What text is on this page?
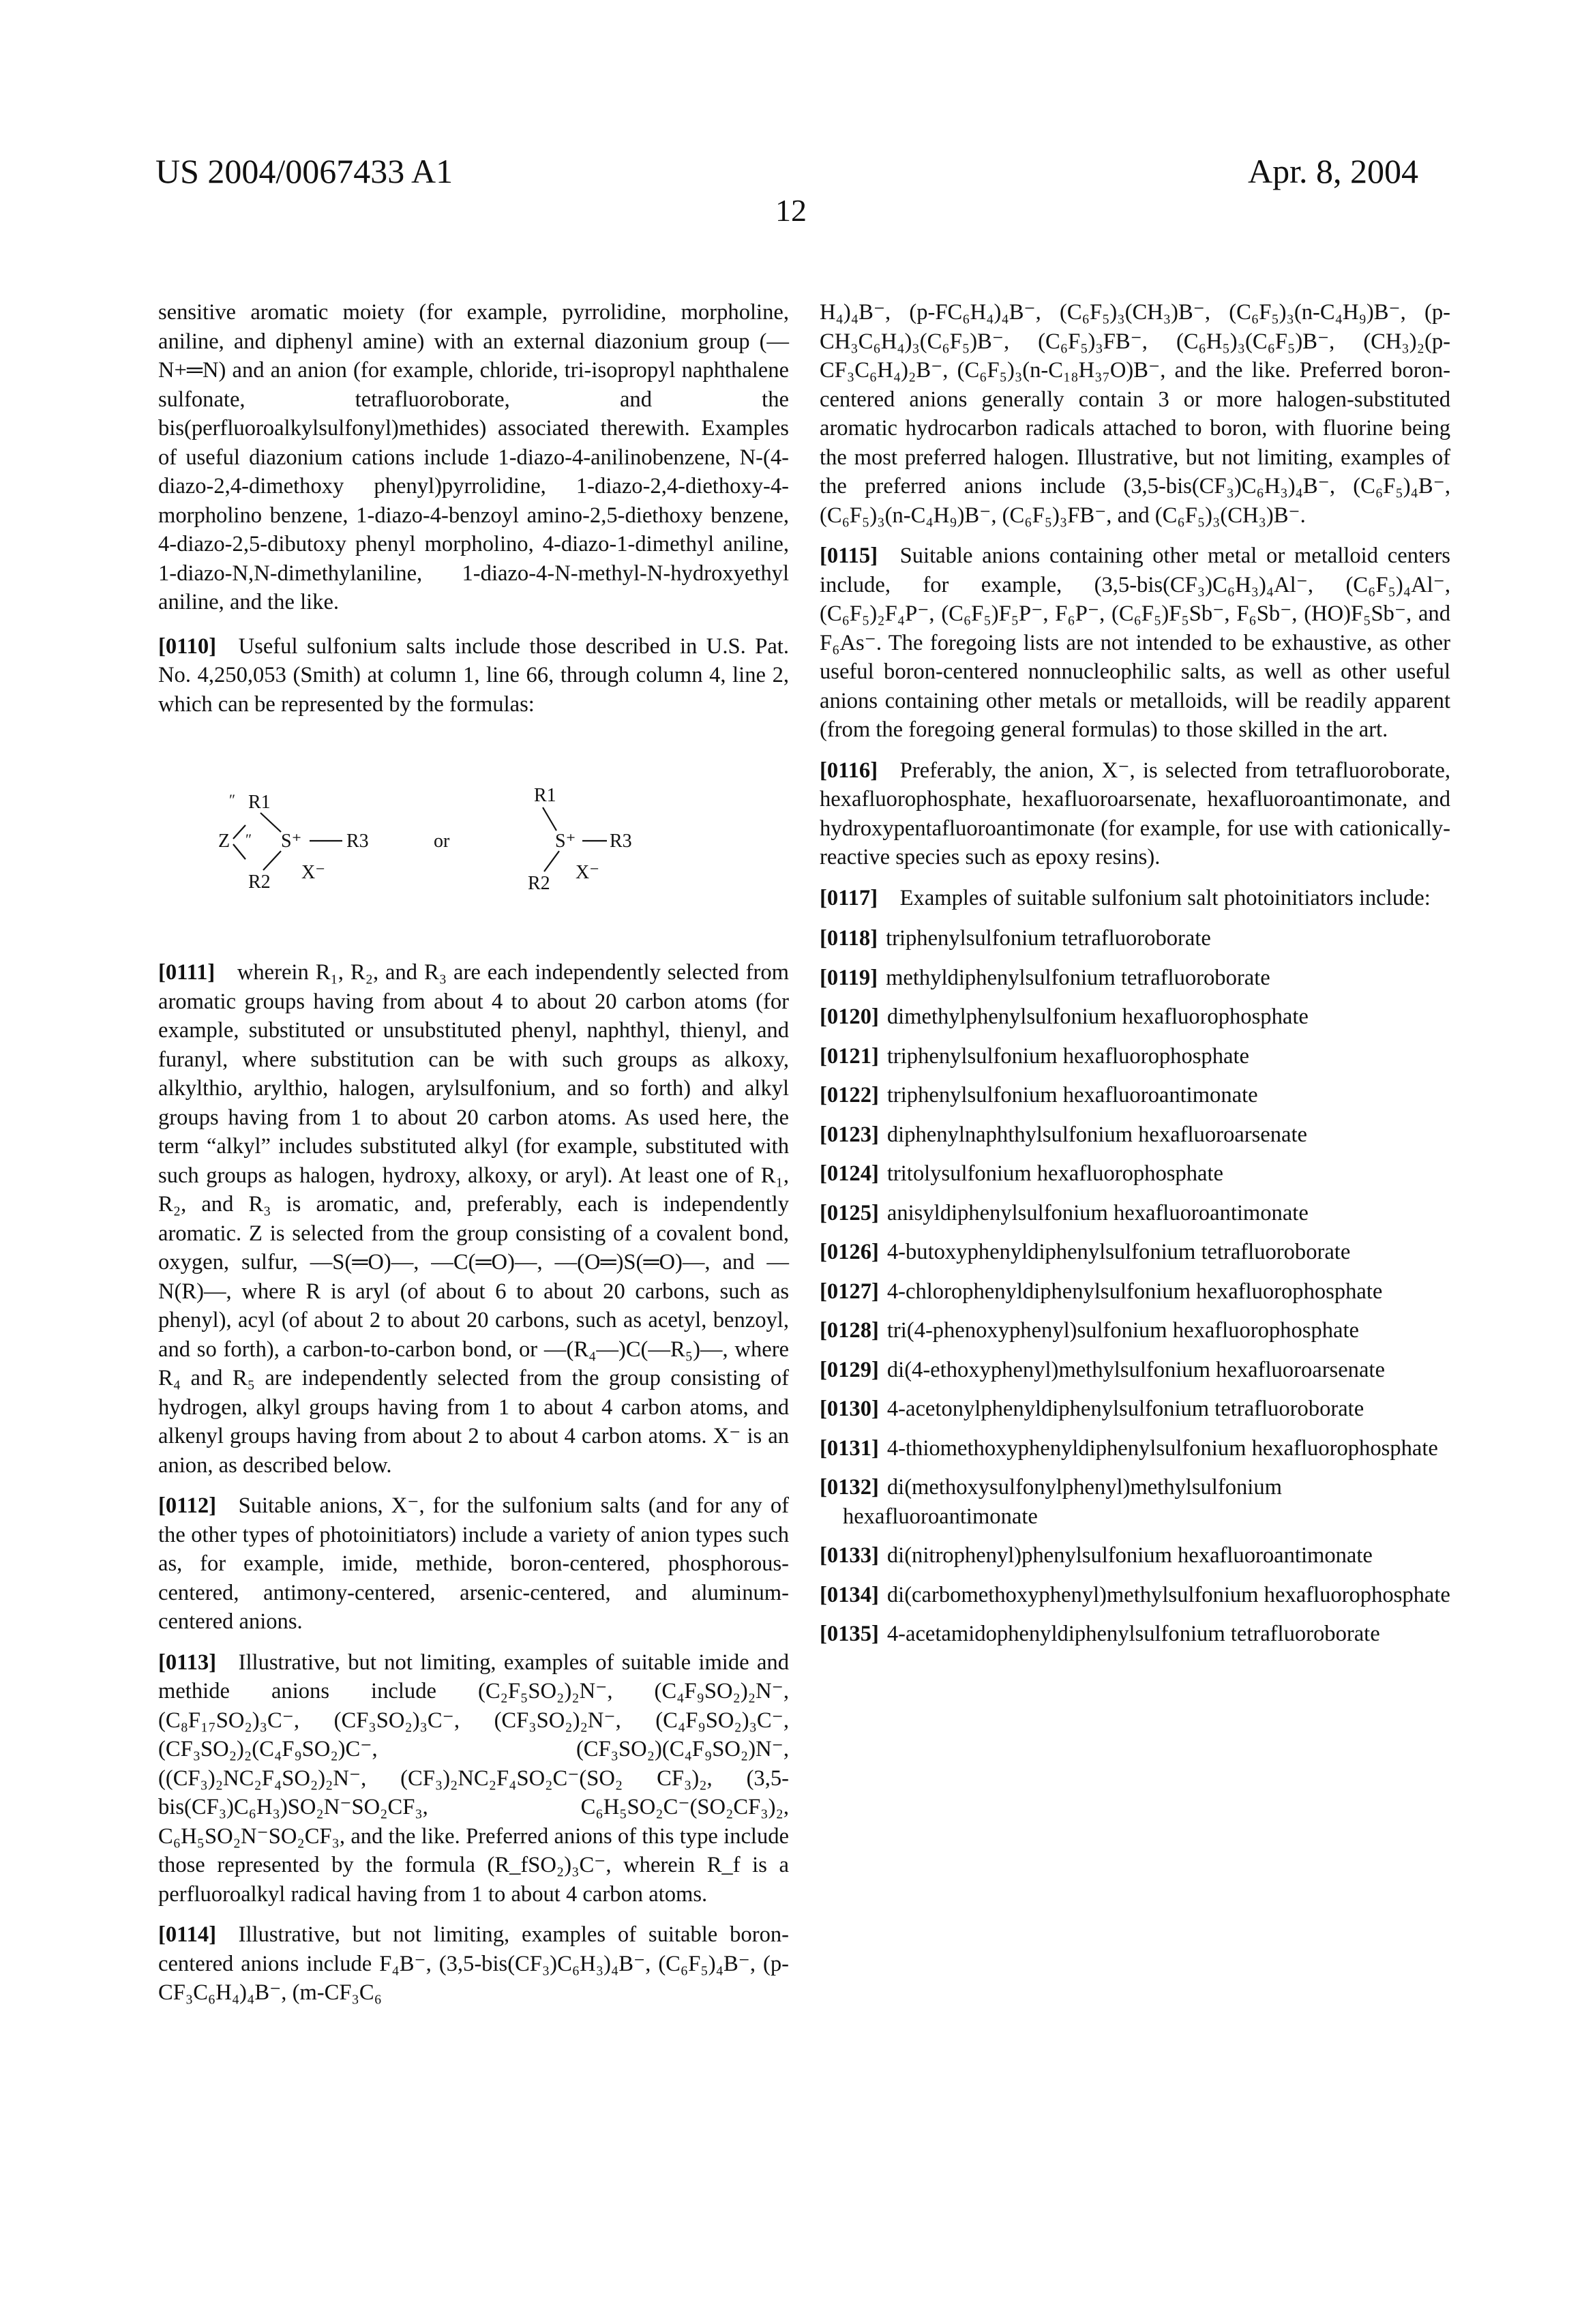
US 2004/0067433 A1	Apr. 8, 2004
12

sensitive aromatic moiety (for example, pyrrolidine, morpholine, aniline, and diphenyl amine) with an external diazonium group (—N+═N) and an anion (for example, chloride, tri-isopropyl naphthalene sulfonate, tetrafluoroborate, and the bis(perfluoroalkylsulfonyl)methides) associated therewith. Examples of useful diazonium cations include 1-diazo-4-anilinobenzene, N-(4-diazo-2,4-dimethoxy phenyl)pyrrolidine, 1-diazo-2,4-diethoxy-4-morpholino benzene, 1-diazo-4-benzoyl amino-2,5-diethoxy benzene, 4-diazo-2,5-dibutoxy phenyl morpholino, 4-diazo-1-dimethyl aniline, 1-diazo-N,N-dimethylaniline, 1-diazo-4-N-methyl-N-hydroxyethyl aniline, and the like.

[0110] Useful sulfonium salts include those described in U.S. Pat. No. 4,250,053 (Smith) at column 1, line 66, through column 4, line 2, which can be represented by the formulas:

R1
″
Z ″ S⁺ R3
R2 X⁻
or
R1
S⁺ R3
R2
X⁻

[0111] wherein R₁, R₂, and R₃ are each independently selected from aromatic groups having from about 4 to about 20 carbon atoms (for example, substituted or unsubstituted phenyl, naphthyl, thienyl, and furanyl, where substitution can be with such groups as alkoxy, alkylthio, arylthio, halogen, arylsulfonium, and so forth) and alkyl groups having from 1 to about 20 carbon atoms. As used here, the term “alkyl” includes substituted alkyl (for example, substituted with such groups as halogen, hydroxy, alkoxy, or aryl). At least one of R₁, R₂, and R₃ is aromatic, and, preferably, each is independently aromatic. Z is selected from the group consisting of a covalent bond, oxygen, sulfur, —S(═O)—, —C(═O)—, —(O═)S(═O)—, and —N(R)—, where R is aryl (of about 6 to about 20 carbons, such as phenyl), acyl (of about 2 to about 20 carbons, such as acetyl, benzoyl, and so forth), a carbon-to-carbon bond, or —(R₄—)C(—R₅)—, where R₄ and R₅ are independently selected from the group consisting of hydrogen, alkyl groups having from 1 to about 4 carbon atoms, and alkenyl groups having from about 2 to about 4 carbon atoms. X⁻ is an anion, as described below.

[0112] Suitable anions, X⁻, for the sulfonium salts (and for any of the other types of photoinitiators) include a variety of anion types such as, for example, imide, methide, boron-centered, phosphorous-centered, antimony-centered, arsenic-centered, and aluminum-centered anions.

[0113] Illustrative, but not limiting, examples of suitable imide and methide anions include (C₂F₅SO₂)₂N⁻, (C₄F₉SO₂)₂N⁻, (C₈F₁₇SO₂)₃C⁻, (CF₃SO₂)₃C⁻, (CF₃SO₂)₂N⁻, (C₄F₉SO₂)₃C⁻, (CF₃SO₂)₂(C₄F₉SO₂)C⁻, (CF₃SO₂)(C₄F₉SO₂)N⁻, ((CF₃)₂NC₂F₄SO₂)₂N⁻, (CF₃)₂NC₂F₄SO₂C⁻(SO₂ CF₃)₂, (3,5-bis(CF₃)C₆H₃)SO₂N⁻SO₂CF₃, C₆H₅SO₂C⁻(SO₂CF₃)₂, C₆H₅SO₂N⁻SO₂CF₃, and the like. Preferred anions of this type include those represented by the formula (R_fSO₂)₃C⁻, wherein R_f is a perfluoroalkyl radical having from 1 to about 4 carbon atoms.

[0114] Illustrative, but not limiting, examples of suitable boron-centered anions include F₄B⁻, (3,5-bis(CF₃)C₆H₃)₄B⁻, (C₆F₅)₄B⁻, (p-CF₃C₆H₄)₄B⁻, (m-CF₃C₆

H₄)₄B⁻, (p-FC₆H₄)₄B⁻, (C₆F₅)₃(CH₃)B⁻, (C₆F₅)₃(n-C₄H₉)B⁻, (p-CH₃C₆H₄)₃(C₆F₅)B⁻, (C₆F₅)₃FB⁻, (C₆H₅)₃(C₆F₅)B⁻, (CH₃)₂(p-CF₃C₆H₄)₂B⁻, (C₆F₅)₃(n-C₁₈H₃₇O)B⁻, and the like. Preferred boron-centered anions generally contain 3 or more halogen-substituted aromatic hydrocarbon radicals attached to boron, with fluorine being the most preferred halogen. Illustrative, but not limiting, examples of the preferred anions include (3,5-bis(CF₃)C₆H₃)₄B⁻, (C₆F₅)₄B⁻, (C₆F₅)₃(n-C₄H₉)B⁻, (C₆F₅)₃FB⁻, and (C₆F₅)₃(CH₃)B⁻.

[0115] Suitable anions containing other metal or metalloid centers include, for example, (3,5-bis(CF₃)C₆H₃)₄Al⁻, (C₆F₅)₄Al⁻, (C₆F₅)₂F₄P⁻, (C₆F₅)F₅P⁻, F₆P⁻, (C₆F₅)F₅Sb⁻, F₆Sb⁻, (HO)F₅Sb⁻, and F₆As⁻. The foregoing lists are not intended to be exhaustive, as other useful boron-centered nonnucleophilic salts, as well as other useful anions containing other metals or metalloids, will be readily apparent (from the foregoing general formulas) to those skilled in the art.

[0116] Preferably, the anion, X⁻, is selected from tetrafluoroborate, hexafluorophosphate, hexafluoroarsenate, hexafluoroantimonate, and hydroxypentafluoroantimonate (for example, for use with cationically-reactive species such as epoxy resins).

[0117] Examples of suitable sulfonium salt photoinitiators include:

[0118] triphenylsulfonium tetrafluoroborate
[0119] methyldiphenylsulfonium tetrafluoroborate
[0120] dimethylphenylsulfonium hexafluorophosphate
[0121] triphenylsulfonium hexafluorophosphate
[0122] triphenylsulfonium hexafluoroantimonate
[0123] diphenylnaphthylsulfonium hexafluoroarsenate
[0124] tritolysulfonium hexafluorophosphate
[0125] anisyldiphenylsulfonium hexafluoroantimonate
[0126] 4-butoxyphenyldiphenylsulfonium tetrafluoroborate
[0127] 4-chlorophenyldiphenylsulfonium hexafluorophosphate
[0128] tri(4-phenoxyphenyl)sulfonium hexafluorophosphate
[0129] di(4-ethoxyphenyl)methylsulfonium hexafluoroarsenate
[0130] 4-acetonylphenyldiphenylsulfonium tetrafluoroborate
[0131] 4-thiomethoxyphenyldiphenylsulfonium hexafluorophosphate
[0132] di(methoxysulfonylphenyl)methylsulfonium hexafluoroantimonate
[0133] di(nitrophenyl)phenylsulfonium hexafluoroantimonate
[0134] di(carbomethoxyphenyl)methylsulfonium hexafluorophosphate
[0135] 4-acetamidophenyldiphenylsulfonium tetrafluoroborate
